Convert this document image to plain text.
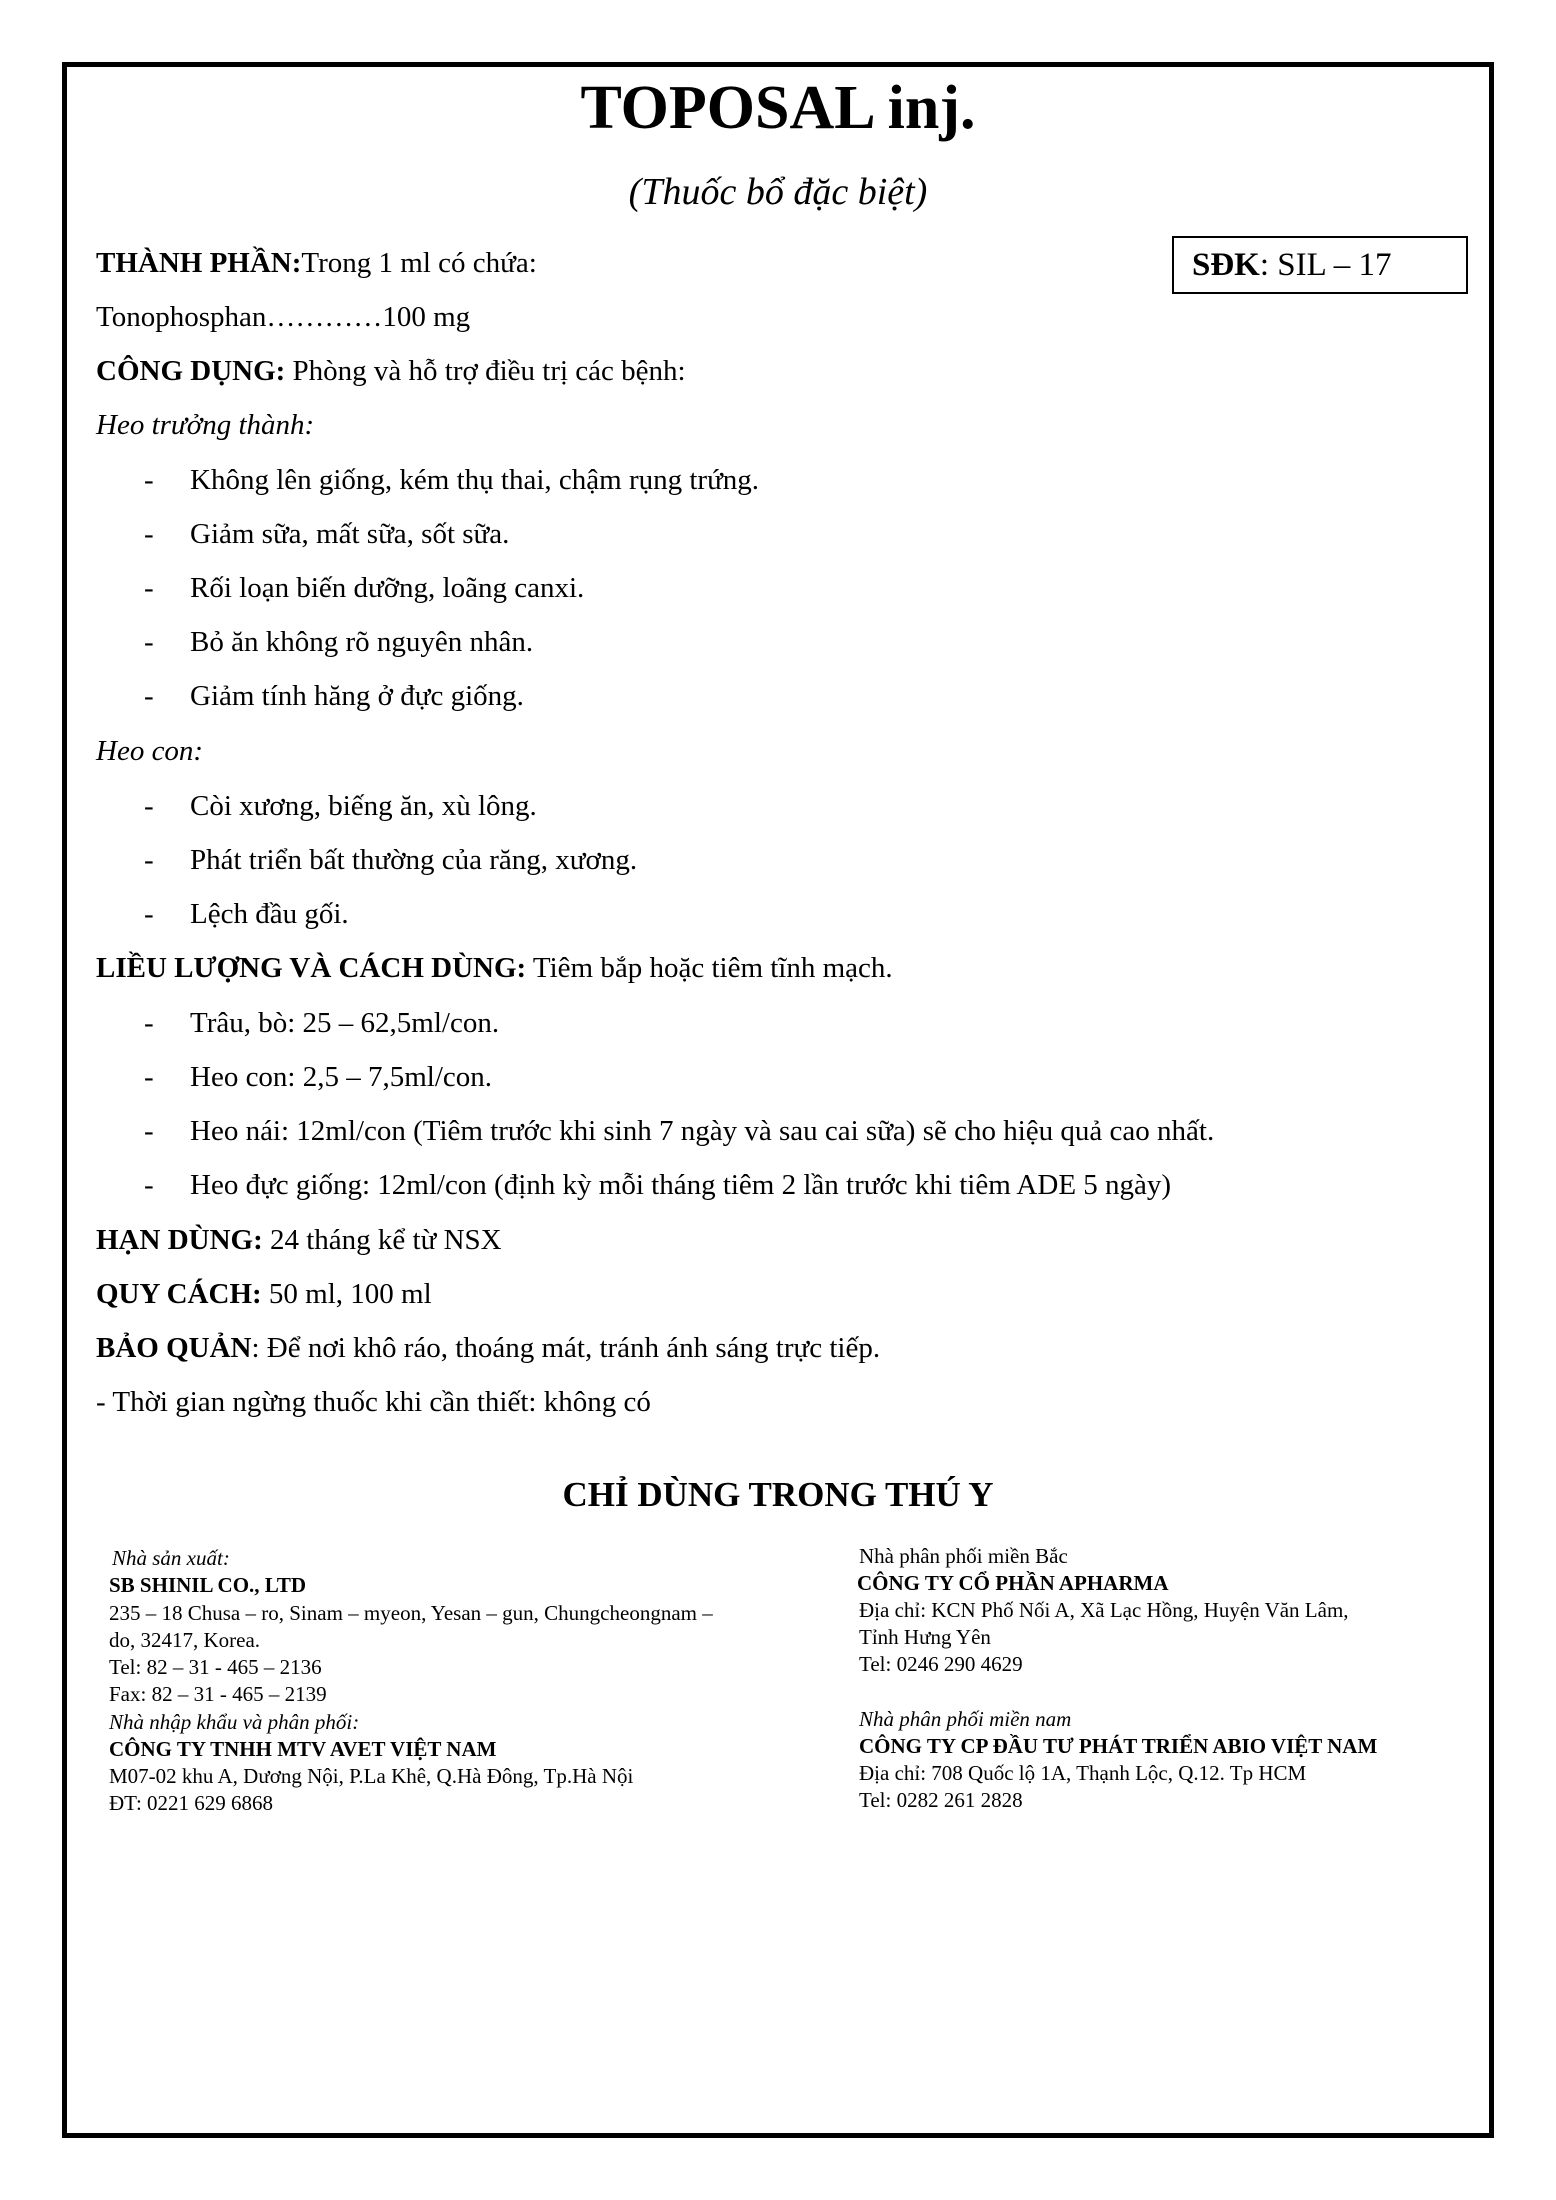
TOPOSAL inj.
(Thuốc bổ đặc biệt)
SĐK: SIL – 17
THÀNH PHẦN:Trong 1 ml có chứa:
Tonophosphan…………100 mg
CÔNG DỤNG: Phòng và hỗ trợ điều trị các bệnh:
Heo trưởng thành:
- Không lên giống, kém thụ thai, chậm rụng trứng.
- Giảm sữa, mất sữa, sốt sữa.
- Rối loạn biến dưỡng, loãng canxi.
- Bỏ ăn không rõ nguyên nhân.
- Giảm tính hăng ở đực giống.
Heo con:
- Còi xương, biếng ăn, xù lông.
- Phát triển bất thường của răng, xương.
- Lệch đầu gối.
LIỀU LƯỢNG VÀ CÁCH DÙNG: Tiêm bắp hoặc tiêm tĩnh mạch.
- Trâu, bò: 25 – 62,5ml/con.
- Heo con: 2,5 – 7,5ml/con.
- Heo nái: 12ml/con (Tiêm trước khi sinh 7 ngày và sau cai sữa) sẽ cho hiệu quả cao nhất.
- Heo đực giống: 12ml/con (định kỳ mỗi tháng tiêm 2 lần trước khi tiêm ADE 5 ngày)
HẠN DÙNG: 24 tháng kể từ NSX
QUY CÁCH: 50 ml, 100 ml
BẢO QUẢN: Để nơi khô ráo, thoáng mát, tránh ánh sáng trực tiếp.
- Thời gian ngừng thuốc khi cần thiết: không có
CHỈ DÙNG TRONG THÚ Y
Nhà sản xuất:
SB SHINIL CO., LTD
235 – 18 Chusa – ro, Sinam – myeon, Yesan – gun, Chungcheongnam –
do, 32417, Korea.
Tel: 82 – 31 - 465 – 2136
Fax: 82 – 31 - 465 – 2139
Nhà nhập khẩu và phân phối:
CÔNG TY TNHH MTV AVET VIỆT NAM
M07-02 khu A, Dương Nội, P.La Khê, Q.Hà Đông, Tp.Hà Nội
ĐT: 0221 629 6868
Nhà phân phối miền Bắc
CÔNG TY CỔ PHẦN APHARMA
Địa chỉ: KCN Phố Nối A, Xã Lạc Hồng, Huyện Văn Lâm,
Tỉnh Hưng Yên
Tel: 0246 290 4629
Nhà phân phối miền nam
CÔNG TY CP ĐẦU TƯ PHÁT TRIỂN ABIO VIỆT NAM
Địa chỉ: 708 Quốc lộ 1A, Thạnh Lộc, Q.12. Tp HCM
Tel: 0282 261 2828
